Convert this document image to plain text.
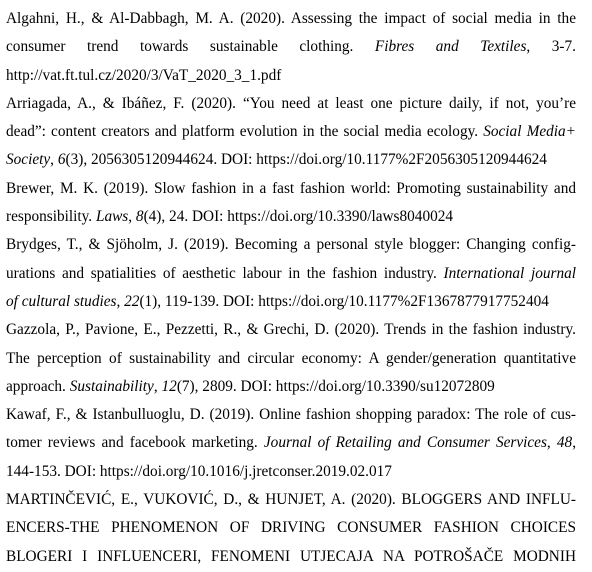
Algahni, H., & Al-Dabbagh, M. A. (2020). Assessing the impact of social media in the
consumer trend towards sustainable clothing. Fibres and Textiles, 3-7.
http://vat.ft.tul.cz/2020/3/VaT_2020_3_1.pdf
Arriagada, A., & Ibáñez, F. (2020). “You need at least one picture daily, if not, you’re
dead”: content creators and platform evolution in the social media ecology. Social Media+
Society, 6(3), 2056305120944624. DOI: https://doi.org/10.1177%2F2056305120944624
Brewer, M. K. (2019). Slow fashion in a fast fashion world: Promoting sustainability and
responsibility. Laws, 8(4), 24. DOI: https://doi.org/10.3390/laws8040024
Brydges, T., & Sjöholm, J. (2019). Becoming a personal style blogger: Changing config-
urations and spatialities of aesthetic labour in the fashion industry. International journal
of cultural studies, 22(1), 119-139. DOI: https://doi.org/10.1177%2F1367877917752404
Gazzola, P., Pavione, E., Pezzetti, R., & Grechi, D. (2020). Trends in the fashion industry.
The perception of sustainability and circular economy: A gender/generation quantitative
approach. Sustainability, 12(7), 2809. DOI: https://doi.org/10.3390/su12072809
Kawaf, F., & Istanbulluoglu, D. (2019). Online fashion shopping paradox: The role of cus-
tomer reviews and facebook marketing. Journal of Retailing and Consumer Services, 48,
144-153. DOI: https://doi.org/10.1016/j.jretconser.2019.02.017
MARTINČEVIĆ, E., VUKOVIĆ, D., & HUNJET, A. (2020). BLOGGERS AND INFLU-
ENCERS-THE PHENOMENON OF DRIVING CONSUMER FASHION CHOICES
BLOGERI I INFLUENCERI, FENOMENI UTJECAJA NA POTROŠAČE MODNIH
